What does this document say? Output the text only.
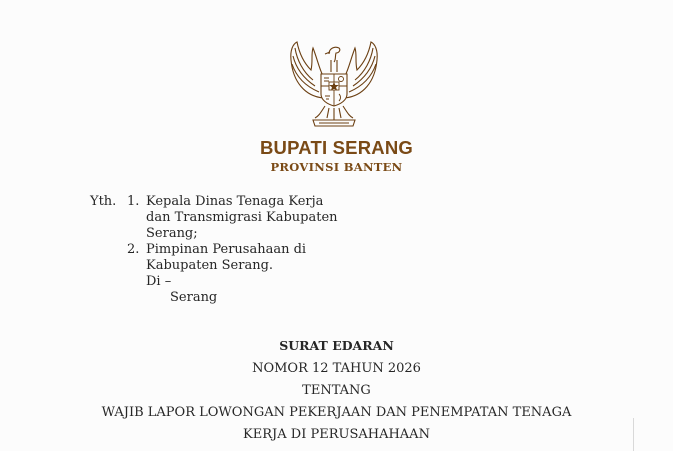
BUPATI SERANG
PROVINSI BANTEN
Yth. 1. Kepala Dinas Tenaga Kerja
dan Transmigrasi Kabupaten
Serang;
2. Pimpinan Perusahaan di
Kabupaten Serang.
Di –
Serang
SURAT EDARAN
NOMOR 12 TAHUN 2026
TENTANG
WAJIB LAPOR LOWONGAN PEKERJAAN DAN PENEMPATAN TENAGA
KERJA DI PERUSAHAHAAN
